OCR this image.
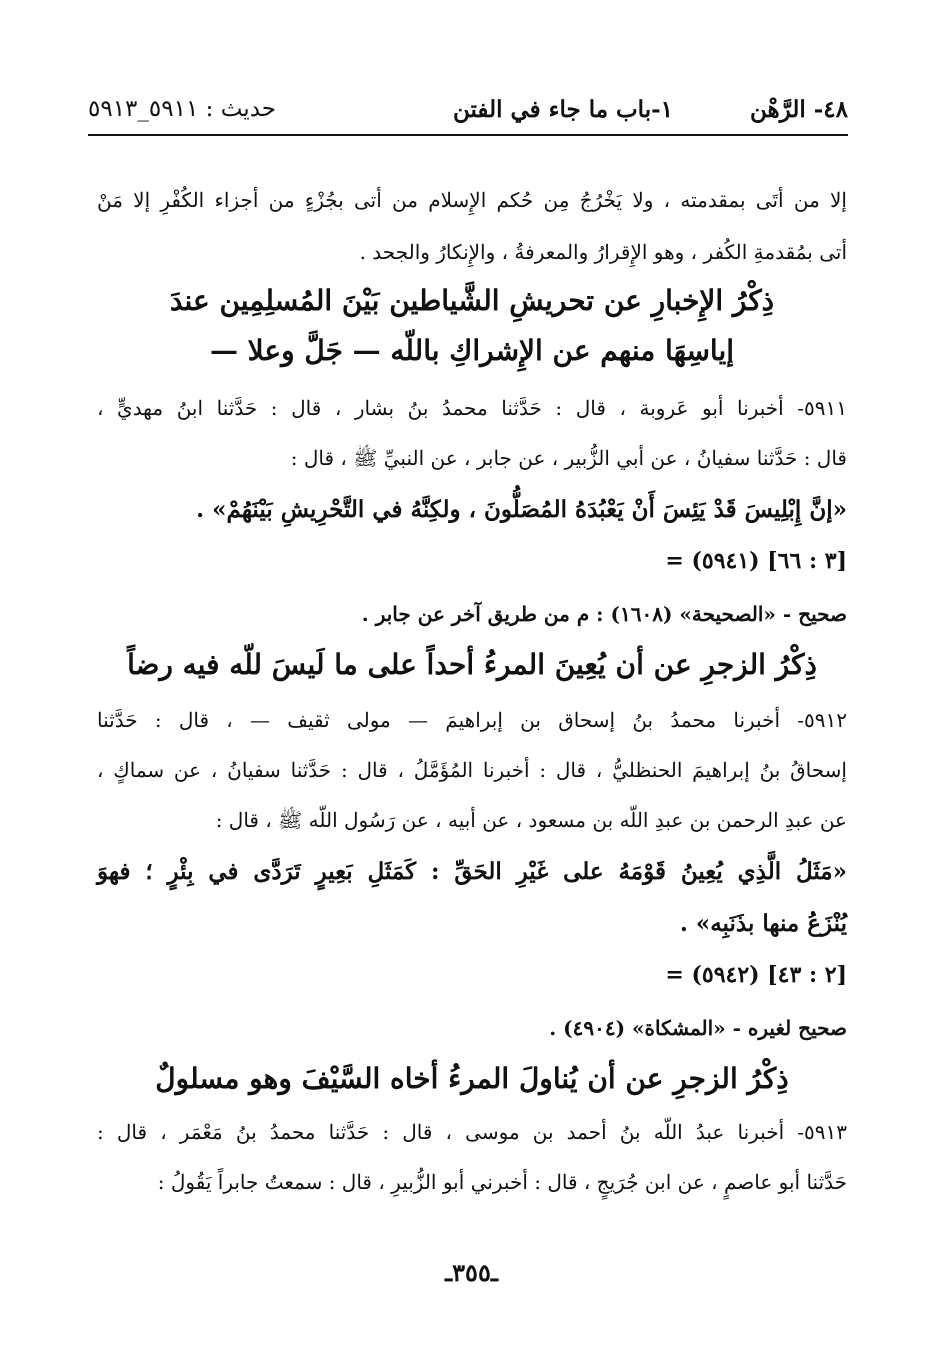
٤٨- الرَّهْن
١-باب ما جاء في الفتن
حديث : ٥٩١١_٥٩١٣
إلا من أتَى بمقدمته ، ولا يَخْرُجُ مِن حُكم الإِسلام من أتى بجُزْءٍ من أجزاء الكُفْرِ إلا مَنْ
أتى بمُقدمةِ الكُفر ، وهو الإِقرارُ والمعرفةُ ، والإِنكارُ والجحد .
ذِكْرُ الإِخبارِ عن تحريشِ الشَّياطين بَيْنَ المُسلِمِين عندَ
إياسِهَا منهم عن الإِشراكِ باللّه — جَلَّ وعلا —
٥٩١١- أخبرنا أبو عَروبة ، قال : حَدَّثنا محمدُ بنُ بشار ، قال : حَدَّثنا ابنُ مهديٍّ ،
قال : حَدَّثنا سفيانُ ، عن أبي الزُّبير ، عن جابر ، عن النبيِّ ﷺ ، قال :
«إنَّ إِبْلِيسَ قَدْ يَئِسَ أَنْ يَعْبُدَهُ المُصَلُّونَ ، ولكِنَّهُ في التَّحْرِيشِ بَيْنَهُمْ» .
= (٥٩٤١) [٣ : ٦٦]
صحيح - «الصحيحة» (١٦٠٨) : م من طريق آخر عن جابر .
ذِكْرُ الزجرِ عن أن يُعِينَ المرءُ أحداً على ما لَيسَ للّه فيه رضاً
٥٩١٢- أخبرنا محمدُ بنُ إسحاق بن إبراهيمَ — مولى ثقيف — ، قال : حَدَّثنا
إسحاقُ بنُ إبراهيمَ الحنظليُّ ، قال : أخبرنا المُؤَمَّلُ ، قال : حَدَّثنا سفيانُ ، عن سماكٍ ،
عن عبدِ الرحمن بن عبدِ اللّه بن مسعود ، عن أبيه ، عن رَسُول اللّه ﷺ ، قال :
«مَثَلُ الَّذِي يُعِينُ قَوْمَهُ على غَيْرِ الحَقِّ : كَمَثَلِ بَعِيرٍ تَرَدَّى في بِئْرٍ ؛ فهوَ
يُنْزَعُ منها بذَنَبِه» .
= (٥٩٤٢) [٢ : ٤٣]
صحيح لغيره - «المشكاة» (٤٩٠٤) .
ذِكْرُ الزجرِ عن أن يُناولَ المرءُ أخاه السَّيْفَ وهو مسلولٌ
٥٩١٣- أخبرنا عبدُ اللّه بنُ أحمد بن موسى ، قال : حَدَّثنا محمدُ بنُ مَعْمَر ، قال :
حَدَّثنا أبو عاصمٍ ، عن ابن جُرَيجٍ ، قال : أخبرني أبو الزُّبيرِ ، قال : سمعتُ جابراً يَقُولُ :
ـ٣٥٥ـ
